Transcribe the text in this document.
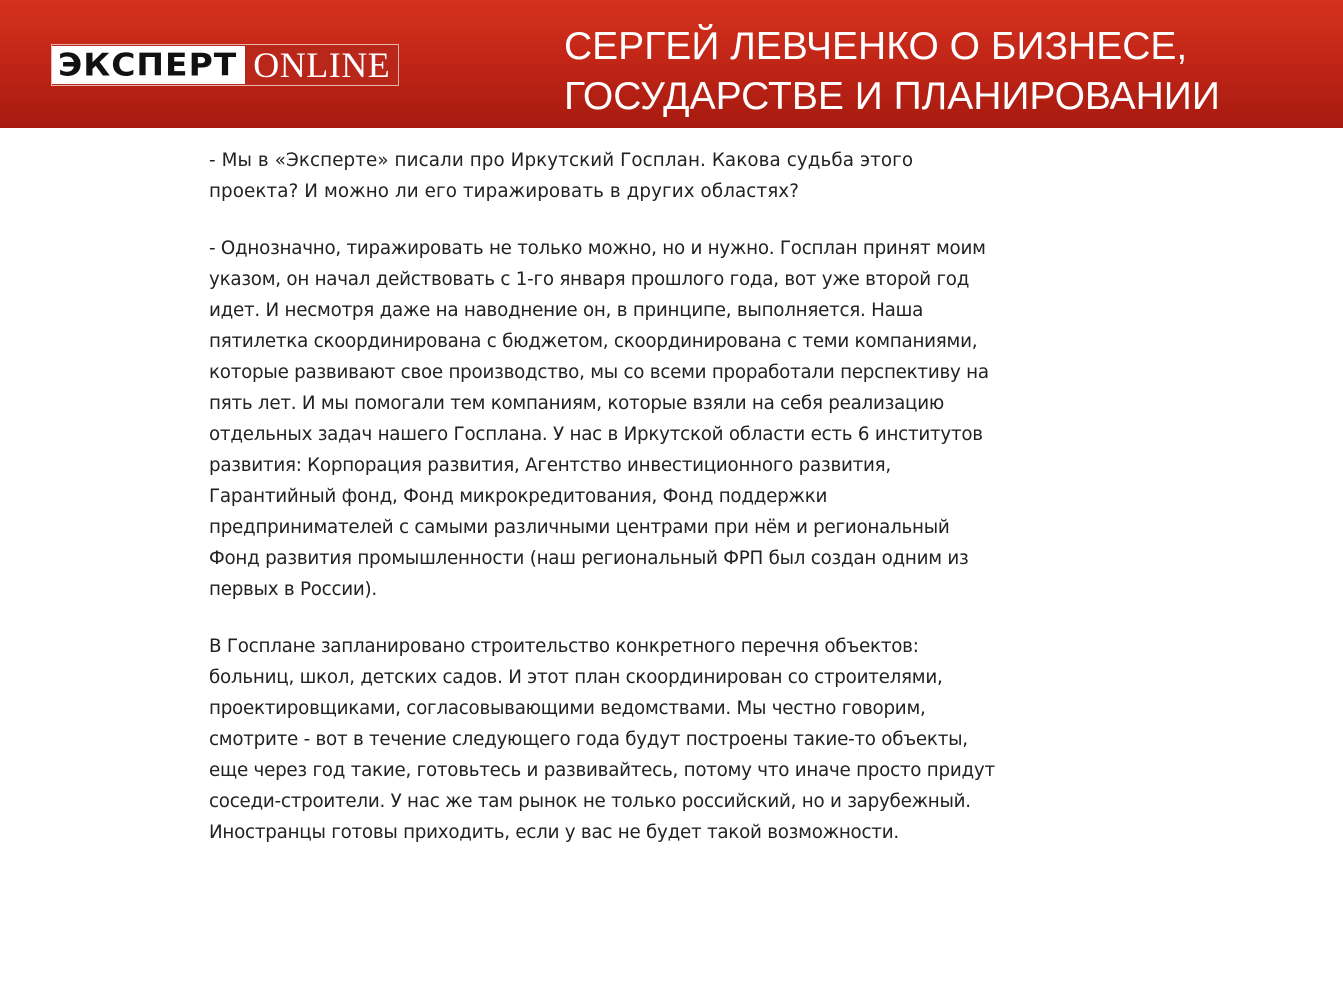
ЭКСПЕРТ ONLINE	СЕРГЕЙ ЛЕВЧЕНКО О БИЗНЕСЕ,
ГОСУДАРСТВЕ И ПЛАНИРОВАНИИ
- Мы в «Эксперте» писали про Иркутский Госплан. Какова судьба этого
проекта? И можно ли его тиражировать в других областях?
- Однозначно, тиражировать не только можно, но и нужно. Госплан принят моим
указом, он начал действовать с 1-го января прошлого года, вот уже второй год
идет. И несмотря даже на наводнение он, в принципе, выполняется. Наша
пятилетка скоординирована с бюджетом, скоординирована с теми компаниями,
которые развивают свое производство, мы со всеми проработали перспективу на
пять лет. И мы помогали тем компаниям, которые взяли на себя реализацию
отдельных задач нашего Госплана. У нас в Иркутской области есть 6 институтов
развития: Корпорация развития, Агентство инвестиционного развития,
Гарантийный фонд, Фонд микрокредитования, Фонд поддержки
предпринимателей с самыми различными центрами при нём и региональный
Фонд развития промышленности (наш региональный ФРП был создан одним из
первых в России).
В Госплане запланировано строительство конкретного перечня объектов:
больниц, школ, детских садов. И этот план скоординирован со строителями,
проектировщиками, согласовывающими ведомствами. Мы честно говорим,
смотрите - вот в течение следующего года будут построены такие-то объекты,
еще через год такие, готовьтесь и развивайтесь, потому что иначе просто придут
соседи-строители. У нас же там рынок не только российский, но и зарубежный.
Иностранцы готовы приходить, если у вас не будет такой возможности.
